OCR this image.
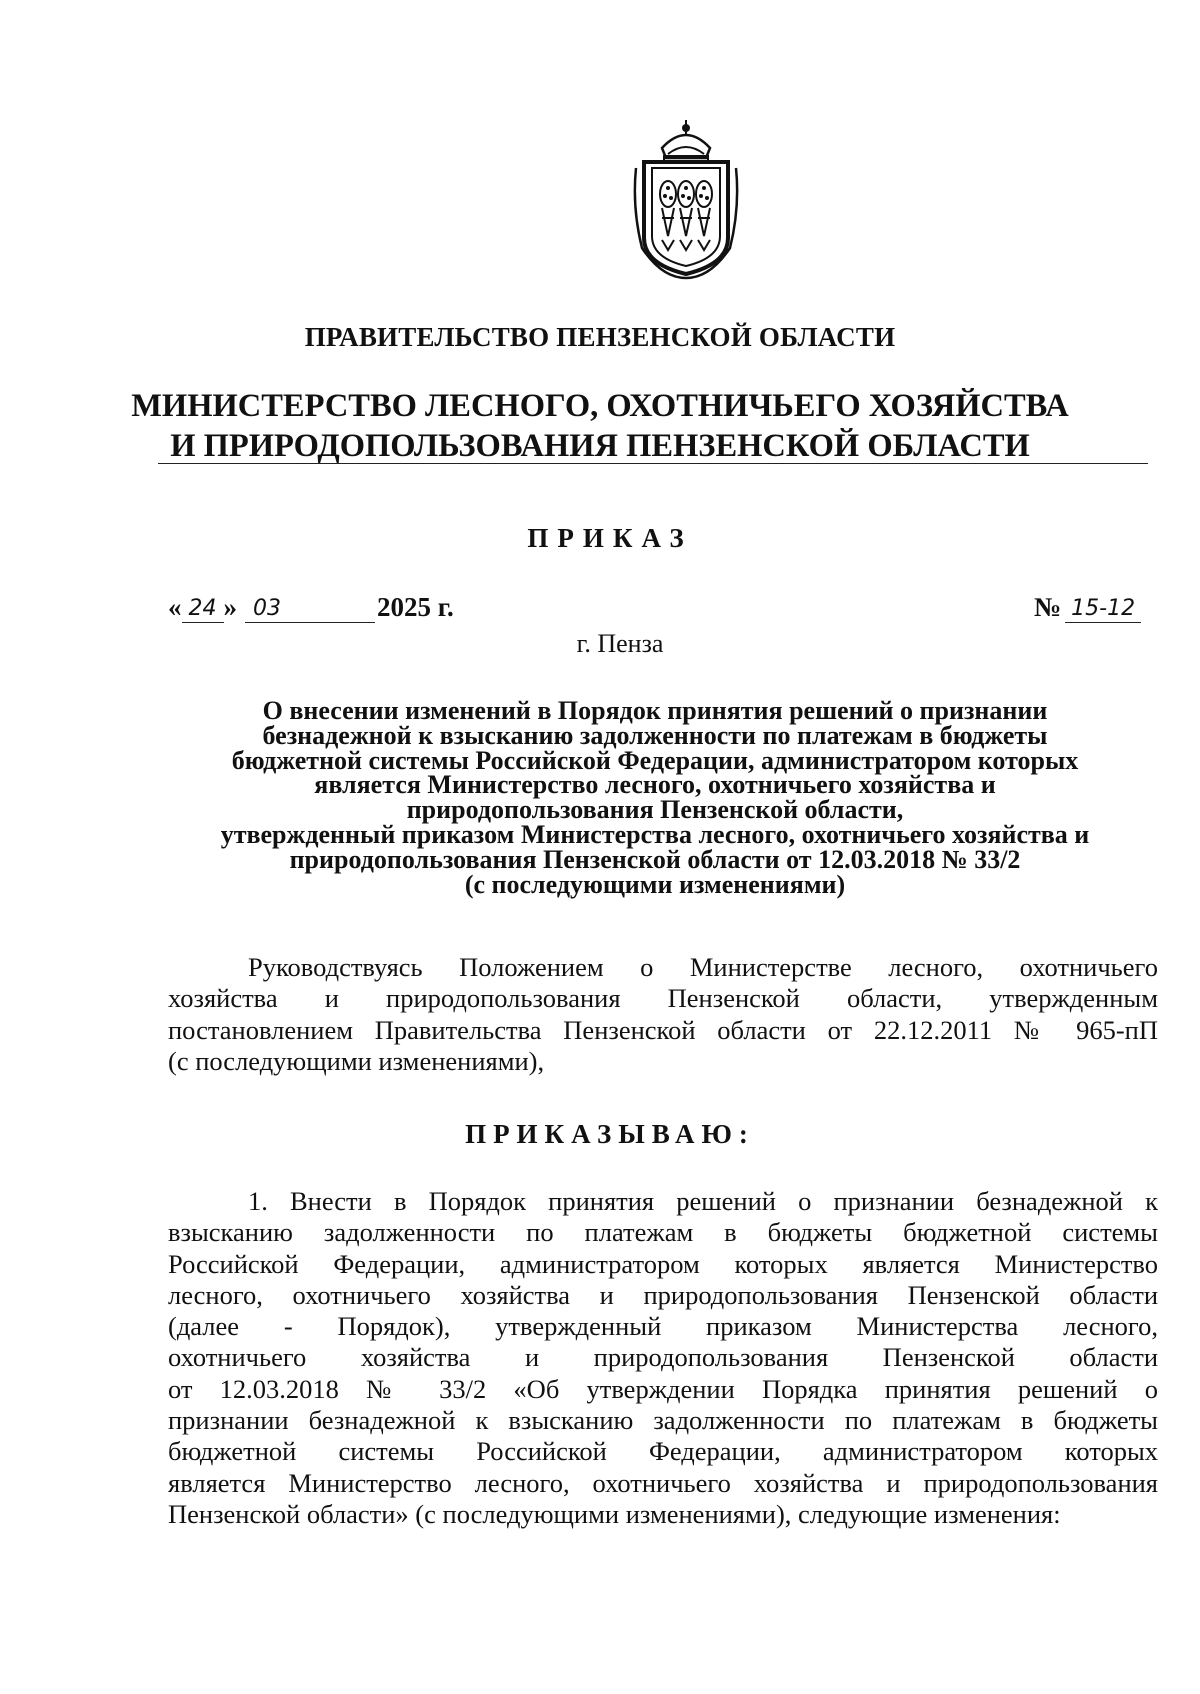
ПРАВИТЕЛЬСТВО ПЕНЗЕНСКОЙ ОБЛАСТИ
МИНИСТЕРСТВО ЛЕСНОГО, ОХОТНИЧЬЕГО ХОЗЯЙСТВА
И ПРИРОДОПОЛЬЗОВАНИЯ ПЕНЗЕНСКОЙ ОБЛАСТИ
ПРИКАЗ
« 24 » 03	2025 г.	№ 15-12
г. Пенза
О внесении изменений в Порядок принятия решений о признании
безнадежной к взысканию задолженности по платежам в бюджеты
бюджетной системы Российской Федерации, администратором которых
является Министерство лесного, охотничьего хозяйства и
природопользования Пензенской области,
утвержденный приказом Министерства лесного, охотничьего хозяйства и
природопользования Пензенской области от 12.03.2018 № 33/2
(с последующими изменениями)
Руководствуясь Положением о Министерстве лесного, охотничьего
хозяйства и природопользования Пензенской области, утвержденным
постановлением Правительства Пензенской области от 22.12.2011 № 965-пП
(с последующими изменениями),
ПРИКАЗЫВАЮ:
1. Внести в Порядок принятия решений о признании безнадежной к
взысканию задолженности по платежам в бюджеты бюджетной системы
Российской Федерации, администратором которых является Министерство
лесного, охотничьего хозяйства и природопользования Пензенской области
(далее - Порядок), утвержденный приказом Министерства лесного,
охотничьего хозяйства и природопользования Пензенской области
от 12.03.2018 № 33/2 «Об утверждении Порядка принятия решений о
признании безнадежной к взысканию задолженности по платежам в бюджеты
бюджетной системы Российской Федерации, администратором которых
является Министерство лесного, охотничьего хозяйства и природопользования
Пензенской области» (с последующими изменениями), следующие изменения:
